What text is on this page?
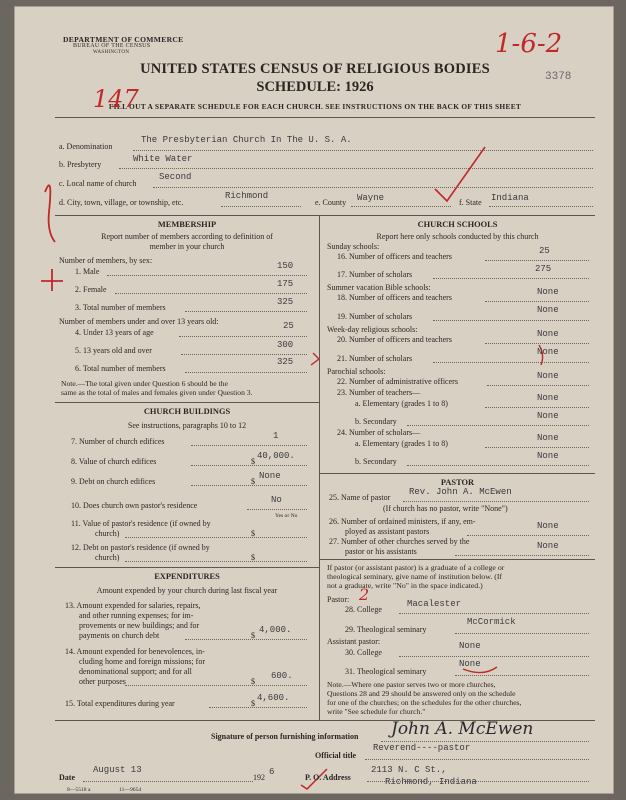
DEPARTMENT OF COMMERCE
BUREAU OF THE CENSUS
WASHINGTON
UNITED STATES CENSUS OF RELIGIOUS BODIES
SCHEDULE: 1926
FILL OUT A SEPARATE SCHEDULE FOR EACH CHURCH. SEE INSTRUCTIONS ON THE BACK OF THIS SHEET
3378
1-6-2
147
a. Denomination
The Presbyterian Church In The U. S. A.
b. Presbytery
White Water
c. Local name of church
Second
d. City, town, village, or township, etc.
Richmond
e. County Wayne	f. State Indiana
MEMBERSHIP
Report number of members according to definition of
member in your church
Number of members, by sex:
1. Male
150
2. Female
175
3. Total number of members
325
Number of members under and over 13 years old:
4. Under 13 years of age
25
5. 13 years old and over
300
6. Total number of members
325
Note.—The total given under Question 6 should be the
same as the total of males and females given under Question 3.
CHURCH BUILDINGS
See instructions, paragraphs 10 to 12
7. Number of church edifices
1
8. Value of church edifices	$
40,000.
9. Debt on church edifices	$
None
10. Does church own pastor's residence
No
Yes or No
11. Value of pastor's residence (if owned by
church)	$
12. Debt on pastor's residence (if owned by
church)	$
EXPENDITURES
Amount expended by your church during last fiscal year
13. Amount expended for salaries, repairs,
and other running expenses; for im-
provements or new buildings; and for
payments on church debt	$
4,000.
14. Amount expended for benevolences, in-
cluding home and foreign missions; for
denominational support; and for all
other purposes	$
600.
15. Total expenditures during year	$
4,600.
CHURCH SCHOOLS
Report here only schools conducted by this church
Sunday schools:
16. Number of officers and teachers
25
17. Number of scholars
275
Summer vacation Bible schools:
18. Number of officers and teachers
None
19. Number of scholars
None
Week-day religious schools:
20. Number of officers and teachers
None
21. Number of scholars
None
Parochial schools:
22. Number of administrative officers
None
23. Number of teachers—
a. Elementary (grades 1 to 8)
None
b. Secondary
None
24. Number of scholars—
a. Elementary (grades 1 to 8)
None
b. Secondary
None
PASTOR
25. Name of pastor
Rev. John A. McEwen
(If church has no pastor, write "None")
26. Number of ordained ministers, if any, em-
ployed as assistant pastors
None
27. Number of other churches served by the
pastor or his assistants
None
If pastor (or assistant pastor) is a graduate of a college or
theological seminary, give name of institution below. (If
not a graduate, write "No" in the space indicated.)
Pastor: 2
28. College
Macalester
29. Theological seminary
McCormick
Assistant pastor:
30. College
None
31. Theological seminary
None
Note.—Where one pastor serves two or more churches,
Questions 28 and 29 should be answered only on the schedule
for one of the churches; on the schedules for the other churches,
write "See schedule for church."
Signature of person furnishing information John A. McEwen
Official title
Reverend----pastor
Date
August 13
192
6
P. O. Address
2113 N. C St.,
Richmond, Indiana
8—5518 a	11—9654
